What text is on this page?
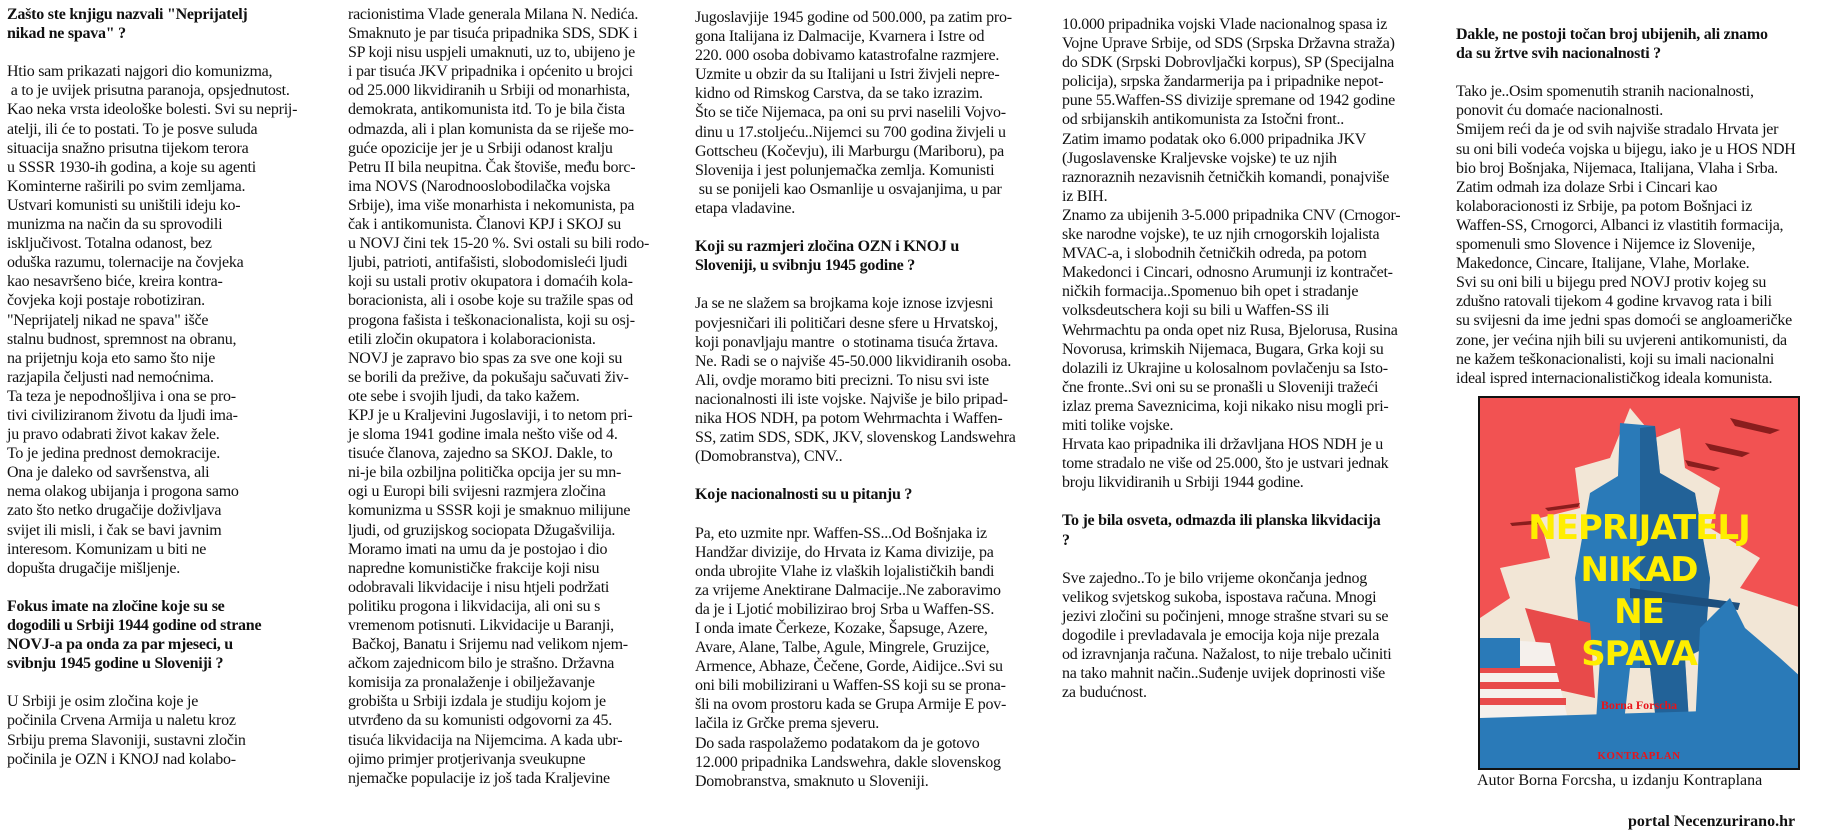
Zašto ste knjigu nazvali "Neprijatelj
nikad ne spava" ?
Htio sam prikazati najgori dio komunizma,
a to je uvijek prisutna paranoja, opsjednutost.
Kao neka vrsta ideološke bolesti. Svi su neprij-
atelji, ili će to postati. To je posve suluda
situacija snažno prisutna tijekom terora
u SSSR 1930-ih godina, a koje su agenti
Kominterne raširili po svim zemljama.
Ustvari komunisti su uništili ideju ko-
munizma na način da su sprovodili
isključivost. Totalna odanost, bez
oduška razumu, tolernacije na čovjeka
kao nesavršeno biće, kreira kontra-
čovjeka koji postaje robotiziran.
"Neprijatelj nikad ne spava" išče
stalnu budnost, spremnost na obranu,
na prijetnju koja eto samo što nije
razjapila čeljusti nad nemoćnima.
Ta teza je nepodnošljiva i ona se pro-
tivi civiliziranom životu da ljudi ima-
ju pravo odabrati život kakav žele.
To je jedina prednost demokracije.
Ona je daleko od savršenstva, ali
nema olakog ubijanja i progona samo
zato što netko drugačije doživljava
svijet ili misli, i čak se bavi javnim
interesom. Komunizam u biti ne
dopušta drugačije mišljenje.
Fokus imate na zločine koje su se
dogodili u Srbiji 1944 godine od strane
NOVJ-a pa onda za par mjeseci, u
svibnju 1945 godine u Sloveniji ?
U Srbiji je osim zločina koje je
počinila Crvena Armija u naletu kroz
Srbiju prema Slavoniji, sustavni zločin
počinila je OZN i KNOJ nad kolabo-
racionistima Vlade generala Milana N. Nedića.
Smaknuto je par tisuća pripadnika SDS, SDK i
SP koji nisu uspjeli umaknuti, uz to, ubijeno je
i par tisuća JKV pripadnika i općenito u brojci
od 25.000 likvidiranih u Srbiji od monarhista,
demokrata, antikomunista itd. To je bila čista
odmazda, ali i plan komunista da se riješe mo-
guće opozicije jer je u Srbiji odanost kralju
Petru II bila neupitna. Čak štoviše, među borc-
ima NOVS (Narodnooslobodilačka vojska
Srbije), ima više monarhista i nekomunista, pa
čak i antikomunista. Članovi KPJ i SKOJ su
u NOVJ čini tek 15-20 %. Svi ostali su bili rodo-
ljubi, patrioti, antifašisti, slobodomisleći ljudi
koji su ustali protiv okupatora i domaćih kola-
boracionista, ali i osobe koje su tražile spas od
progona fašista i teškonacionalista, koji su osj-
etili zločin okupatora i kolaboracionista.
NOVJ je zapravo bio spas za sve one koji su
se borili da prežive, da pokušaju sačuvati živ-
ote sebe i svojih ljudi, da tako kažem.
KPJ je u Kraljevini Jugoslaviji, i to netom pri-
je sloma 1941 godine imala nešto više od 4.
tisuće članova, zajedno sa SKOJ. Dakle, to
ni-je bila ozbiljna politička opcija jer su mn-
ogi u Europi bili svijesni razmjera zločina
komunizma u SSSR koji je smaknuo milijune
ljudi, od gruzijskog sociopata Džugašvilija.
Moramo imati na umu da je postojao i dio
napredne komunističke frakcije koji nisu
odobravali likvidacije i nisu htjeli podržati
politiku progona i likvidacija, ali oni su s
vremenom potisnuti. Likvidacije u Baranji,
Bačkoj, Banatu i Srijemu nad velikom njem-
ačkom zajednicom bilo je strašno. Državna
komisija za pronalaženje i obilježavanje
grobišta u Srbiji izdala je studiju kojom je
utvrđeno da su komunisti odgovorni za 45.
tisuća likvidacija na Nijemcima. A kada ubr-
ojimo primjer protjerivanja sveukupne
njemačke populacije iz još tada Kraljevine
Jugoslavjije 1945 godine od 500.000, pa zatim pro-
gona Italijana iz Dalmacije, Kvarnera i Istre od
220. 000 osoba dobivamo katastrofalne razmjere.
Uzmite u obzir da su Italijani u Istri živjeli nepre-
kidno od Rimskog Carstva, da se tako izrazim.
Što se tiče Nijemaca, pa oni su prvi naselili Vojvo-
dinu u 17.stoljeću..Nijemci su 700 godina živjeli u
Gottscheu (Kočevju), ili Marburgu (Mariboru), pa
Slovenija i jest polunjemačka zemlja. Komunisti
su se ponijeli kao Osmanlije u osvajanjima, u par
etapa vladavine.
Koji su razmjeri zločina OZN i KNOJ u
Sloveniji, u svibnju 1945 godine ?
Ja se ne slažem sa brojkama koje iznose izvjesni
povjesničari ili političari desne sfere u Hrvatskoj,
koji ponavljaju mantre  o stotinama tisuća žrtava.
Ne. Radi se o najviše 45-50.000 likvidiranih osoba.
Ali, ovdje moramo biti precizni. To nisu svi iste
nacionalnosti ili iste vojske. Najviše je bilo pripad-
nika HOS NDH, pa potom Wehrmachta i Waffen-
SS, zatim SDS, SDK, JKV, slovenskog Landswehra
(Domobranstva), CNV..
Koje nacionalnosti su u pitanju ?
Pa, eto uzmite npr. Waffen-SS...Od Bošnjaka iz
Handžar divizije, do Hrvata iz Kama divizije, pa
onda ubrojite Vlahe iz vlaških lojalističkih bandi
za vrijeme Anektirane Dalmacije..Ne zaboravimo
da je i Ljotić mobilizirao broj Srba u Waffen-SS.
I onda imate Čerkeze, Kozake, Šapsuge, Azere,
Avare, Alane, Talbe, Agule, Mingrele, Gruzijce,
Armence, Abhaze, Čečene, Gorde, Aidijce..Svi su
oni bili mobilizirani u Waffen-SS koji su se prona-
šli na ovom prostoru kada se Grupa Armije E pov-
lačila iz Grčke prema sjeveru.
Do sada raspolažemo podatakom da je gotovo
12.000 pripadnika Landswehra, dakle slovenskog
Domobranstva, smaknuto u Sloveniji.
10.000 pripadnika vojski Vlade nacionalnog spasa iz
Vojne Uprave Srbije, od SDS (Srpska Državna straža)
do SDK (Srpski Dobrovljački korpus), SP (Specijalna
policija), srpska žandarmerija pa i pripadnike nepot-
pune 55.Waffen-SS divizije spremane od 1942 godine
od srbijanskih antikomunista za Istočni front..
Zatim imamo podatak oko 6.000 pripadnika JKV
(Jugoslavenske Kraljevske vojske) te uz njih
raznoraznih nezavisnih četničkih komandi, ponajviše
iz BIH.
Znamo za ubijenih 3-5.000 pripadnika CNV (Crnogor-
ske narodne vojske), te uz njih crnogorskih lojalista
MVAC-a, i slobodnih četničkih odreda, pa potom
Makedonci i Cincari, odnosno Arumunji iz kontračet-
ničkih formacija..Spomenuo bih opet i stradanje
volksdeutschera koji su bili u Waffen-SS ili
Wehrmachtu pa onda opet niz Rusa, Bjelorusa, Rusina
Novorusa, krimskih Nijemaca, Bugara, Grka koji su
dolazili iz Ukrajine u kolosalnom povlačenju sa Isto-
čne fronte..Svi oni su se pronašli u Sloveniji tražeći
izlaz prema Saveznicima, koji nikako nisu mogli pri-
miti tolike vojske.
Hrvata kao pripadnika ili državljana HOS NDH je u
tome stradalo ne više od 25.000, što je ustvari jednak
broju likvidiranih u Srbiji 1944 godine.
To je bila osveta, odmazda ili planska likvidacija
?
Sve zajedno..To je bilo vrijeme okončanja jednog
velikog svjetskog sukoba, ispostava računa. Mnogi
jezivi zločini su počinjeni, mnoge strašne stvari su se
dogodile i prevladavala je emocija koja nije prezala
od izravnjanja računa. Nažalost, to nije trebalo učiniti
na tako mahnit način..Suđenje uvijek doprinosti više
za budućnost.
Dakle, ne postoji točan broj ubijenih, ali znamo
da su žrtve svih nacionalnosti ?
Tako je..Osim spomenutih stranih nacionalnosti,
ponovit ću domaće nacionalnosti.
Smijem reći da je od svih najviše stradalo Hrvata jer
su oni bili vodeća vojska u bijegu, iako je u HOS NDH
bio broj Bošnjaka, Nijemaca, Italijana, Vlaha i Srba.
Zatim odmah iza dolaze Srbi i Cincari kao
kolaboracionosti iz Srbije, pa potom Bošnjaci iz
Waffen-SS, Crnogorci, Albanci iz vlastitih formacija,
spomenuli smo Slovence i Nijemce iz Slovenije,
Makedonce, Cincare, Italijane, Vlahe, Morlake.
Svi su oni bili u bijegu pred NOVJ protiv kojeg su
zdušno ratovali tijekom 4 godine krvavog rata i bili
su svijesni da ime jedni spas domoći se angloameričke
zone, jer većina njih bili su uvjereni antikomunisti, da
ne kažem teškonacionalisti, koji su imali nacionalni
ideal ispred internacionalističkog ideala komunista.
NEPRIJATELJ
NIKAD
NE
SPAVA
Borna Forscha
KONTRAPLAN
Autor Borna Forcsha, u izdanju Kontraplana
portal Necenzurirano.hr
